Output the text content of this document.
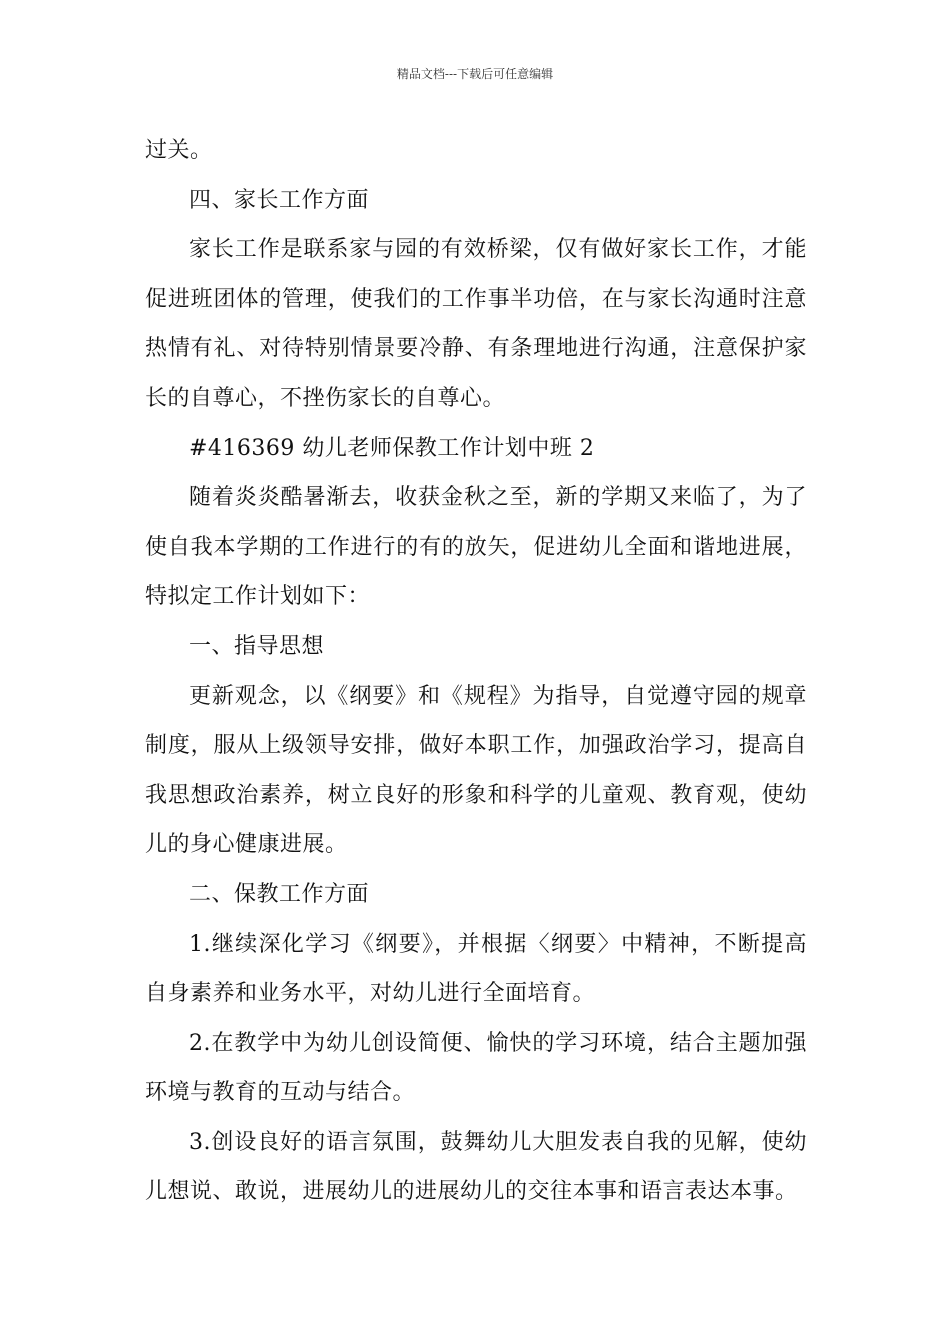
精品文档---下载后可任意编辑

过关。

四、家长工作方面

家长工作是联系家与园的有效桥梁，仅有做好家长工作，才能促进班团体的管理，使我们的工作事半功倍，在与家长沟通时注意热情有礼、对待特别情景要冷静、有条理地进行沟通，注意保护家长的自尊心，不挫伤家长的自尊心。

#416369 幼儿老师保教工作计划中班 2

随着炎炎酷暑渐去，收获金秋之至，新的学期又来临了，为了使自我本学期的工作进行的有的放矢，促进幼儿全面和谐地进展，特拟定工作计划如下：

一、指导思想

更新观念，以《纲要》和《规程》为指导，自觉遵守园的规章制度，服从上级领导安排，做好本职工作，加强政治学习，提高自我思想政治素养，树立良好的形象和科学的儿童观、教育观，使幼儿的身心健康进展。

二、保教工作方面

1.继续深化学习《纲要》，并根据〈纲要〉中精神，不断提高自身素养和业务水平，对幼儿进行全面培育。

2.在教学中为幼儿创设简便、愉快的学习环境，结合主题加强环境与教育的互动与结合。

3.创设良好的语言氛围，鼓舞幼儿大胆发表自我的见解，使幼儿想说、敢说，进展幼儿的进展幼儿的交往本事和语言表达本事。
